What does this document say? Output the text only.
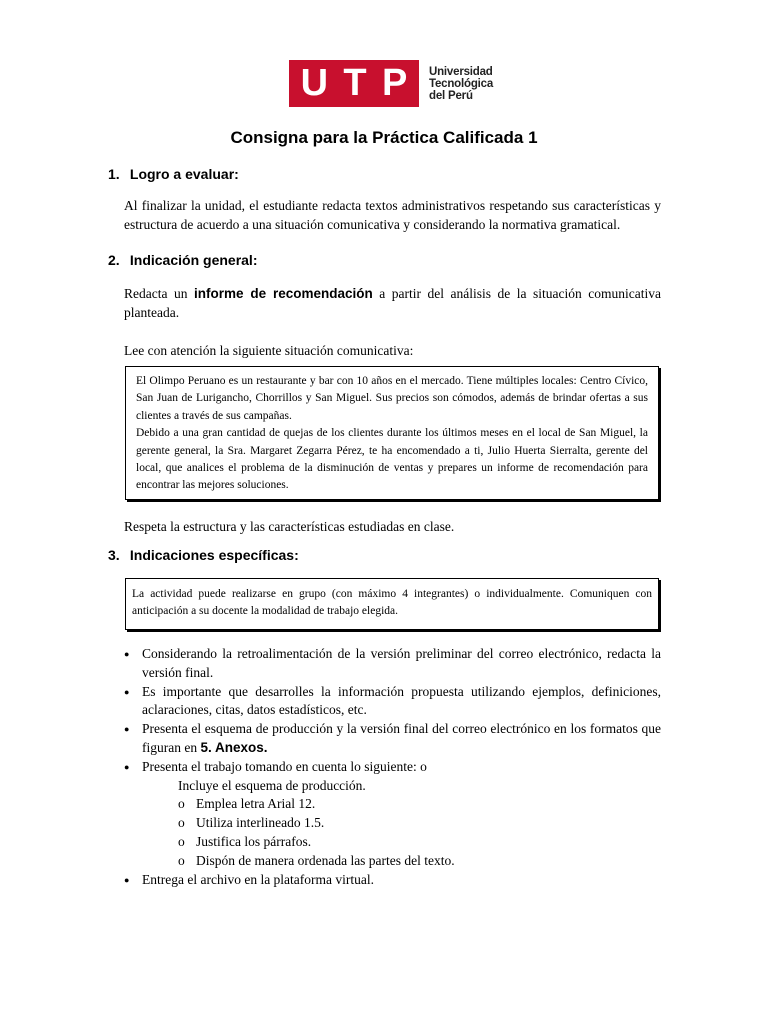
U T P Universidad
Tecnológica
del Perú
Consigna para la Práctica Calificada 1
1. Logro a evaluar:
Al finalizar la unidad, el estudiante redacta textos administrativos respetando sus características y estructura de acuerdo a una situación comunicativa y considerando la normativa gramatical.
2. Indicación general:
Redacta un informe de recomendación a partir del análisis de la situación comunicativa planteada.
Lee con atención la siguiente situación comunicativa:

El Olimpo Peruano es un restaurante y bar con 10 años en el mercado. Tiene múltiples locales: Centro Cívico, San Juan de Lurigancho, Chorrillos y San Miguel. Sus precios son cómodos, además de brindar ofertas a sus clientes a través de sus campañas.

Debido a una gran cantidad de quejas de los clientes durante los últimos meses en el local de San Miguel, la gerente general, la Sra. Margaret Zegarra Pérez, te ha encomendado a ti, Julio Huerta Sierralta, gerente del local, que analices el problema de la disminución de ventas y prepares un informe de recomendación para encontrar las mejores soluciones.

Respeta la estructura y las características estudiadas en clase.
3. Indicaciones específicas:
La actividad puede realizarse en grupo (con máximo 4 integrantes) o individualmente. Comuniquen con anticipación a su docente la modalidad de trabajo elegida.
● Considerando la retroalimentación de la versión preliminar del correo electrónico, redacta la versión final.
● Es importante que desarrolles la información propuesta utilizando ejemplos, definiciones, aclaraciones, citas, datos estadísticos, etc.
● Presenta el esquema de producción y la versión final del correo electrónico en los formatos que figuran en 5. Anexos.
● Presenta el trabajo tomando en cuenta lo siguiente: o
Incluye el esquema de producción.
o Emplea letra Arial 12.
o Utiliza interlineado 1.5.
o Justifica los párrafos.
o Dispón de manera ordenada las partes del texto.
● Entrega el archivo en la plataforma virtual.
